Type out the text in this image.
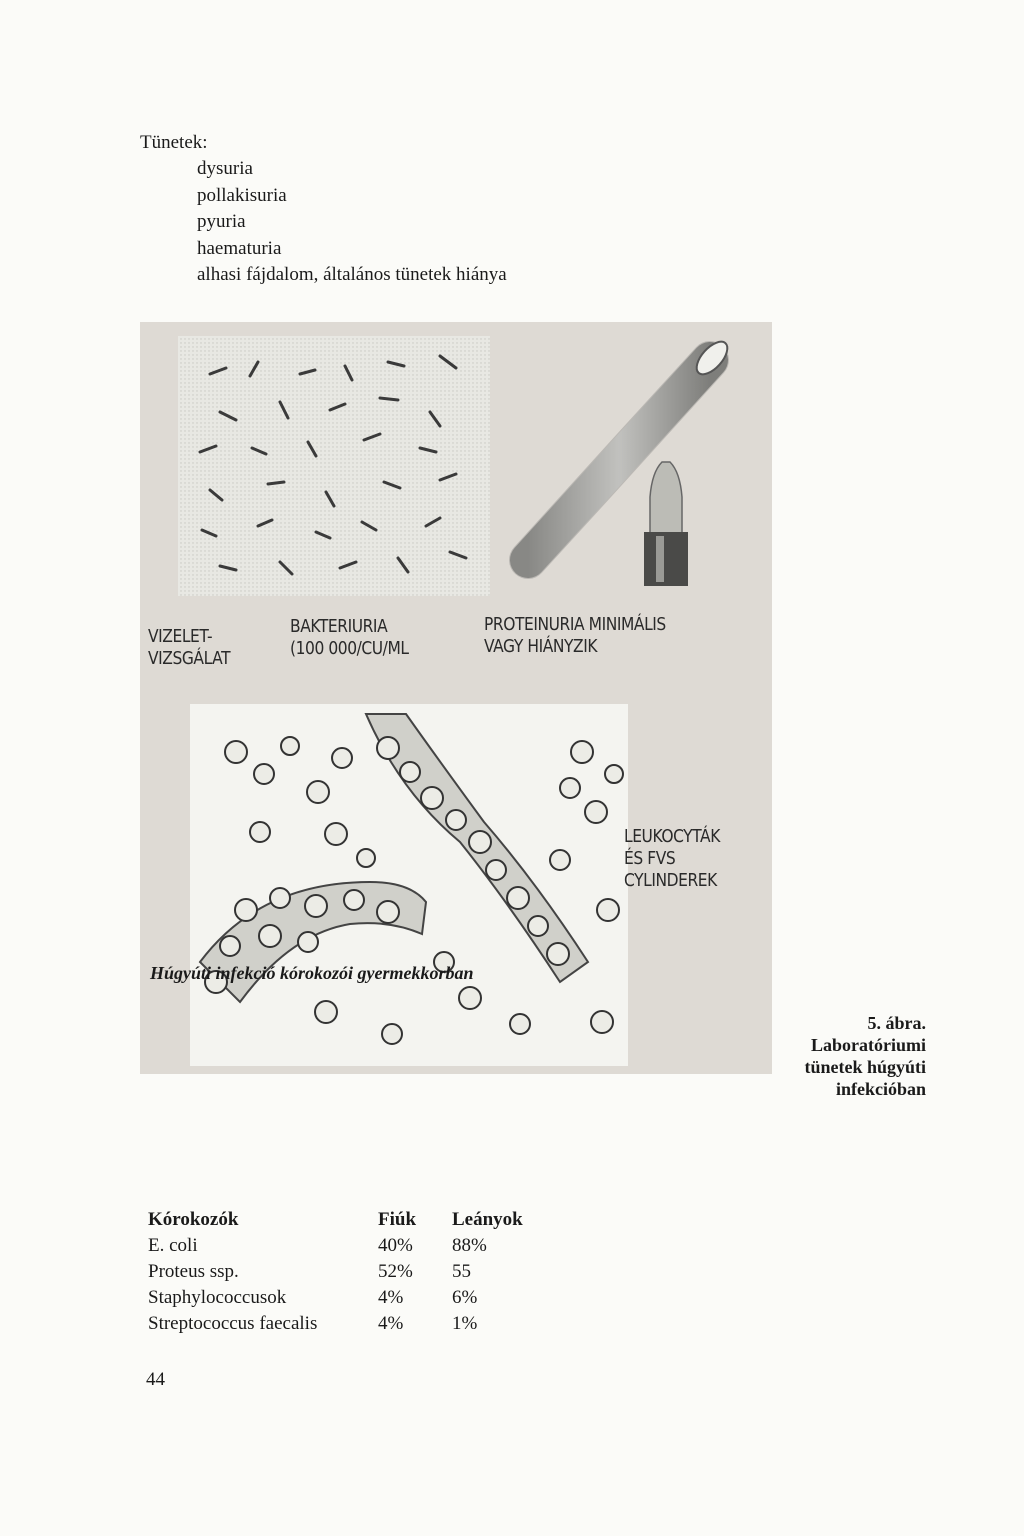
Tünetek:
dysuria
pollakisuria
pyuria
haematuria
alhasi fájdalom, általános tünetek hiánya
VIZELET-
VIZSGÁLAT
BAKTERIURIA
(100 000/CU/ML
PROTEINURIA MINIMÁLIS
VAGY HIÁNYZIK
LEUKOCYTÁK
ÉS FVS
CYLINDEREK
5. ábra.
Laboratóriumi
tünetek húgyúti
infekcióban
Húgyúti infekció kórokozói gyermekkorban
Kórokozók	Fiúk	Leányok
E. coli	40%	88%
Proteus ssp.	52%	55
Staphylococcusok	4%	6%
Streptococcus faecalis	4%	1%
44
